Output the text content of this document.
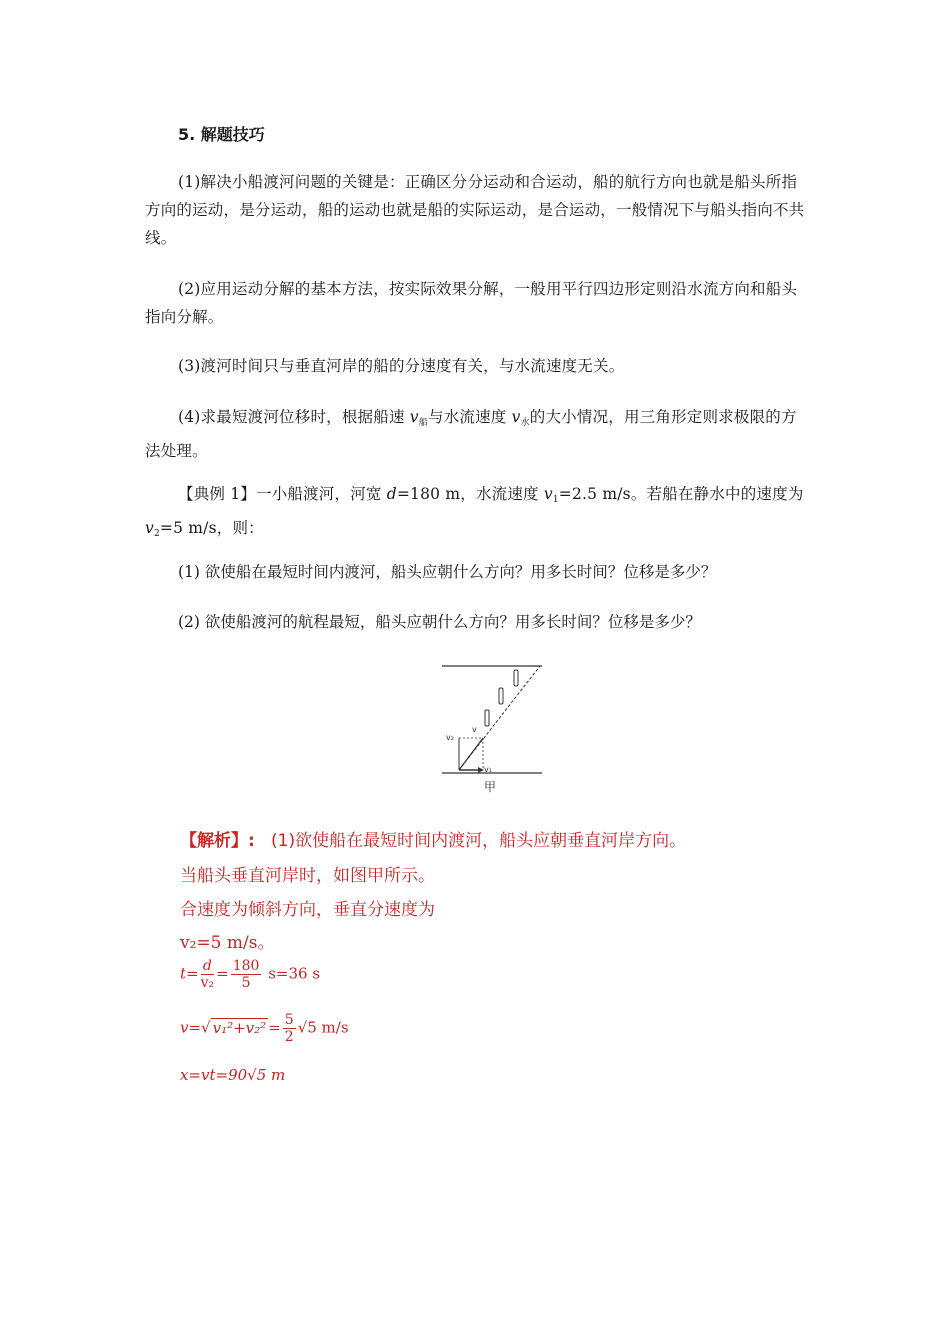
5. 解题技巧
(1)解决小船渡河问题的关键是：正确区分分运动和合运动，船的航行方向也就是船头所指方向的运动，是分运动，船的运动也就是船的实际运动，是合运动，一般情况下与船头指向不共线。
(2)应用运动分解的基本方法，按实际效果分解，一般用平行四边形定则沿水流方向和船头指向分解。
(3)渡河时间只与垂直河岸的船的分速度有关，与水流速度无关。
(4)求最短渡河位移时，根据船速 $v_船$与水流速度 $v_水$的大小情况，用三角形定则求极限的方法处理。
【典例 1】一小船渡河，河宽 d=180 m，水流速度 $v_1=2.5$ m/s。若船在静水中的速度为 $v_2=5$ m/s，则：
(1) 欲使船在最短时间内渡河，船头应朝什么方向？用多长时间？位移是多少？
(2) 欲使船渡河的航程最短，船头应朝什么方向？用多长时间？位移是多少？
v₂
v
v₁
甲
【解析】: (1)欲使船在最短时间内渡河，船头应朝垂直河岸方向。
当船头垂直河岸时，如图甲所示。
合速度为倾斜方向，垂直分速度为
v₂=5 m/s。
$t= \frac{d}{\text{v₂}} = \frac{180}{5} s=36$ s
v=√ $v_1^2+v_2^2 = \frac{5}{2} √5$ m/s
x=vt=90√5 m
